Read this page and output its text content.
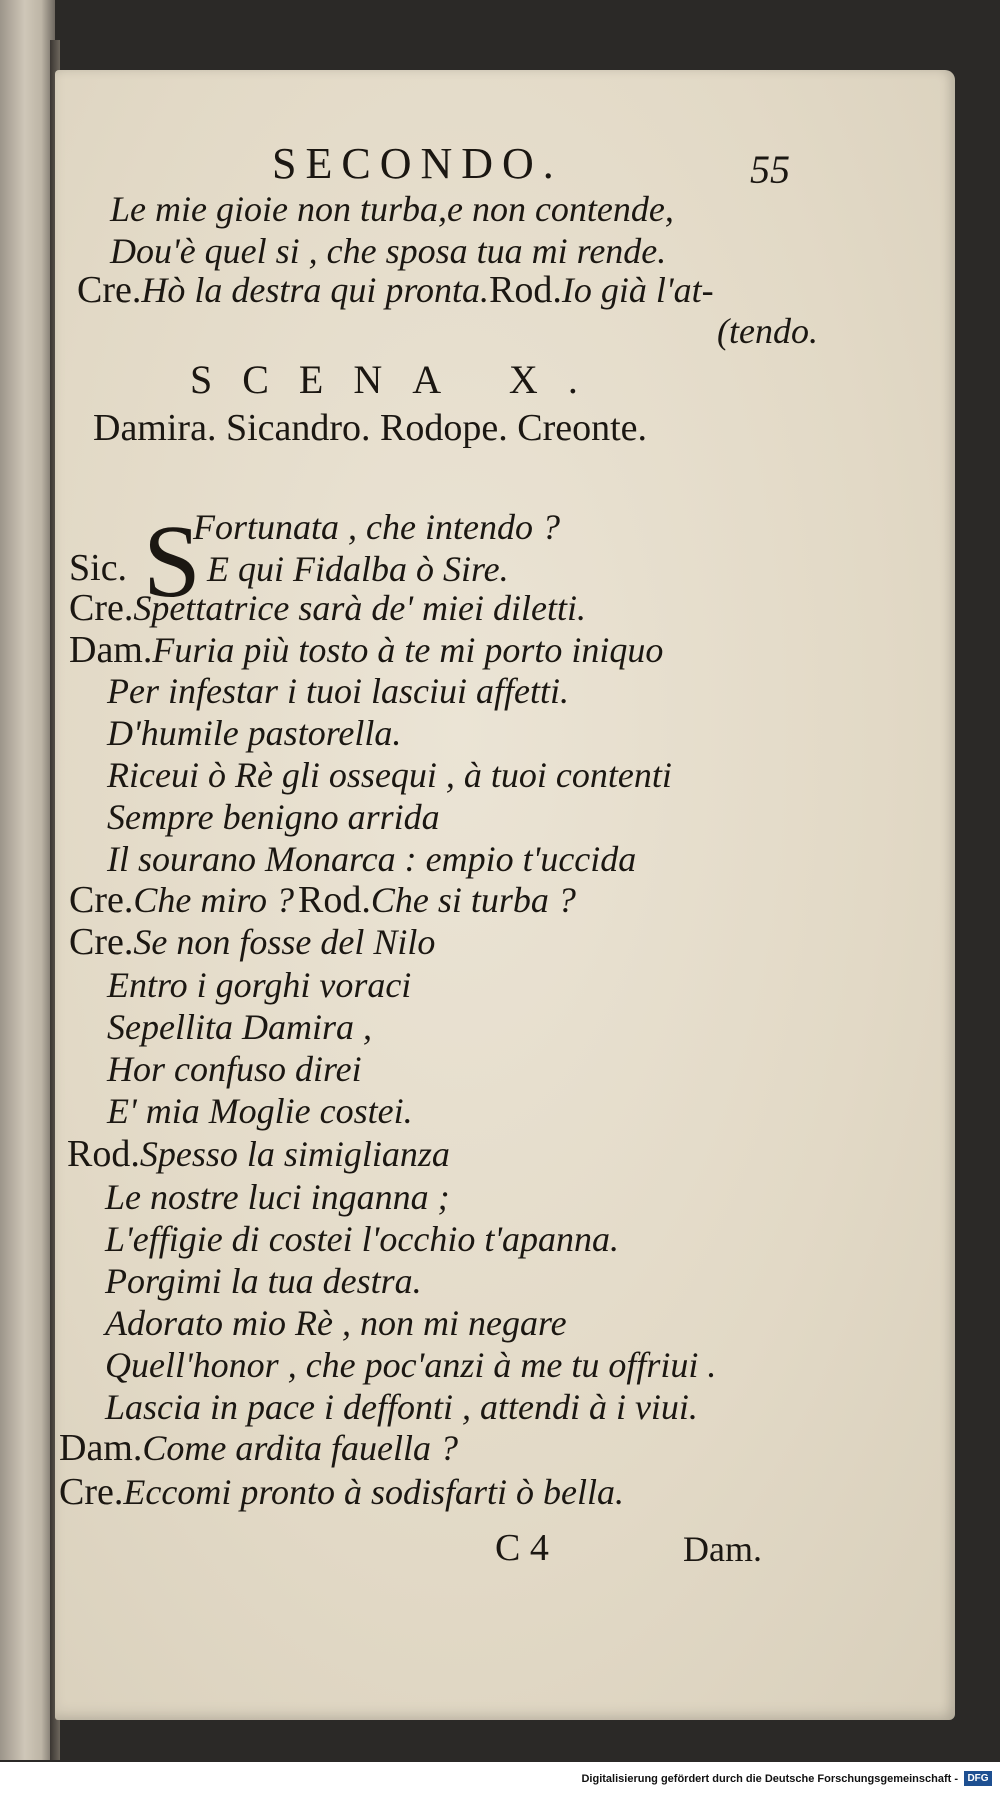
SECONDO.	55
Le mie gioie non turba,e non contende,
Dou'è quel si , che sposa tua mi rende.
Cre.Hò la destra qui pronta.Rod.Io già l'at-
(tendo.
SCENA X.
Damira. Sicandro. Rodope. Creonte.
S
Fortunata , che intendo ?
Sic. E qui Fidalba ò Sire.
Cre.Spettatrice sarà de' miei diletti.
Dam.Furia più tosto à te mi porto iniquo
Per infestar i tuoi lasciui affetti.
D'humile pastorella.
Riceui ò Rè gli ossequi , à tuoi contenti
Sempre benigno arrida
Il sourano Monarca : empio t'uccida
Cre.Che miro ? Rod.Che si turba ?
Cre.Se non fosse del Nilo
Entro i gorghi voraci
Sepellita Damira ,
Hor confuso direi
E' mia Moglie costei.
Rod.Spesso la simiglianza
Le nostre luci inganna ;
L'effigie di costei l'occhio t'apanna.
Porgimi la tua destra.
Adorato mio Rè , non mi negare
Quell'honor , che poc'anzi à me tu offriui .
Lascia in pace i deffonti , attendi à i viui.
Dam.Come ardita fauella ?
Cre.Eccomi pronto à sodisfarti ò bella.
C 4	Dam.
Digitalisierung gefördert durch die Deutsche Forschungsgemeinschaft - DFG
